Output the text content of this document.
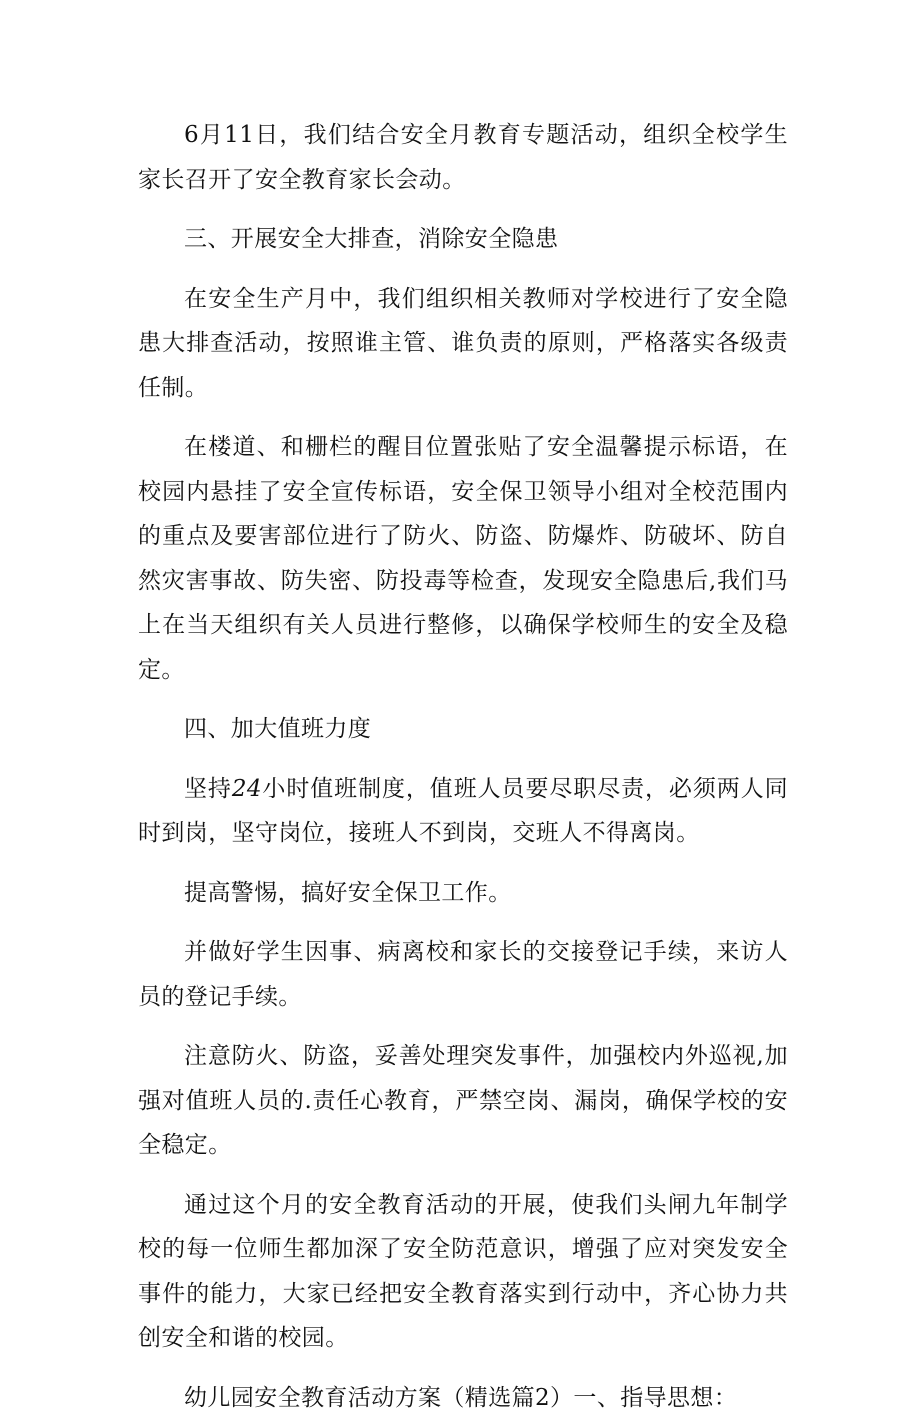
6月11日，我们结合安全月教育专题活动，组织全校学生家长召开了安全教育家长会动。

三、开展安全大排查，消除安全隐患

在安全生产月中，我们组织相关教师对学校进行了安全隐患大排查活动，按照谁主管、谁负责的原则，严格落实各级责任制。

在楼道、和栅栏的醒目位置张贴了安全温馨提示标语，在校园内悬挂了安全宣传标语，安全保卫领导小组对全校范围内的重点及要害部位进行了防火、防盗、防爆炸、防破坏、防自然灾害事故、防失密、防投毒等检查，发现安全隐患后,我们马上在当天组织有关人员进行整修，以确保学校师生的安全及稳定。

四、加大值班力度

坚持24小时值班制度，值班人员要尽职尽责，必须两人同时到岗，坚守岗位，接班人不到岗，交班人不得离岗。

提高警惕，搞好安全保卫工作。

并做好学生因事、病离校和家长的交接登记手续，来访人员的登记手续。

注意防火、防盗，妥善处理突发事件，加强校内外巡视,加强对值班人员的.责任心教育，严禁空岗、漏岗，确保学校的安全稳定。

通过这个月的安全教育活动的开展，使我们头闸九年制学校的每一位师生都加深了安全防范意识，增强了应对突发安全事件的能力，大家已经把安全教育落实到行动中，齐心协力共创安全和谐的校园。

幼儿园安全教育活动方案（精选篇2）一、指导思想：
